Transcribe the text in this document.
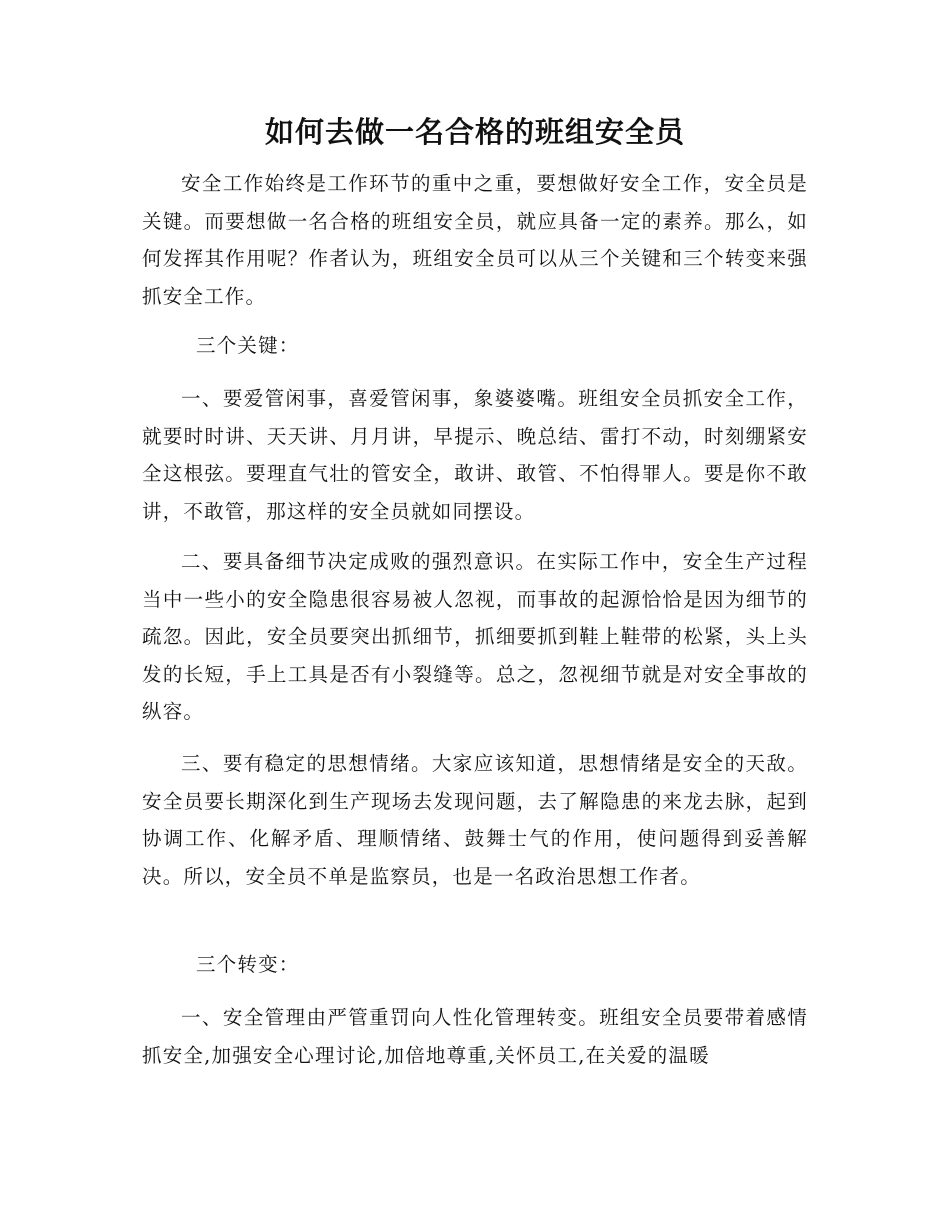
如何去做一名合格的班组安全员

安全工作始终是工作环节的重中之重，要想做好安全工作，安全员是关键。而要想做一名合格的班组安全员，就应具备一定的素养。那么，如何发挥其作用呢？作者认为，班组安全员可以从三个关键和三个转变来强抓安全工作。

三个关键：

一、要爱管闲事，喜爱管闲事，象婆婆嘴。班组安全员抓安全工作，就要时时讲、天天讲、月月讲，早提示、晚总结、雷打不动，时刻绷紧安全这根弦。要理直气壮的管安全，敢讲、敢管、不怕得罪人。要是你不敢讲，不敢管，那这样的安全员就如同摆设。

二、要具备细节决定成败的强烈意识。在实际工作中，安全生产过程当中一些小的安全隐患很容易被人忽视，而事故的起源恰恰是因为细节的疏忽。因此，安全员要突出抓细节，抓细要抓到鞋上鞋带的松紧，头上头发的长短，手上工具是否有小裂缝等。总之，忽视细节就是对安全事故的纵容。

三、要有稳定的思想情绪。大家应该知道，思想情绪是安全的天敌。安全员要长期深化到生产现场去发现问题，去了解隐患的来龙去脉，起到协调工作、化解矛盾、理顺情绪、鼓舞士气的作用，使问题得到妥善解决。所以，安全员不单是监察员，也是一名政治思想工作者。

三个转变：

一、安全管理由严管重罚向人性化管理转变。班组安全员要带着感情抓安全,加强安全心理讨论,加倍地尊重,关怀员工,在关爱的温暖
